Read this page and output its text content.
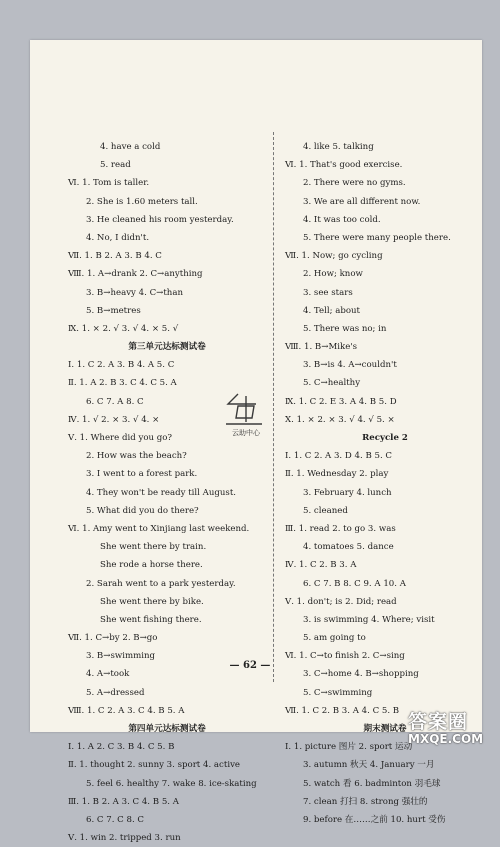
4. have a cold
5. read
Ⅵ. 1. Tom is taller.
2. She is 1.60 meters tall.
3. He cleaned his room yesterday.
4. No, I didn't.
Ⅶ. 1. B 2. A 3. B 4. C
Ⅷ. 1. A→drank 2. C→anything
3. B→heavy 4. C→than
5. B→metres
Ⅸ. 1. × 2. √ 3. √ 4. × 5. √
第三单元达标测试卷
Ⅰ. 1. C 2. A 3. B 4. A 5. C
Ⅱ. 1. A 2. B 3. C 4. C 5. A
6. C 7. A 8. C
Ⅳ. 1. √ 2. × 3. √ 4. ×
Ⅴ. 1. Where did you go?
2. How was the beach?
3. I went to a forest park.
4. They won't be ready till August.
5. What did you do there?
Ⅵ. 1. Amy went to Xinjiang last weekend.
She went there by train.
She rode a horse there.
2. Sarah went to a park yesterday.
She went there by bike.
She went fishing there.
Ⅶ. 1. C→by 2. B→go
3. B→swimming
4. A→took
5. A→dressed
Ⅷ. 1. C 2. A 3. C 4. B 5. A
第四单元达标测试卷
Ⅰ. 1. A 2. C 3. B 4. C 5. B
Ⅱ. 1. thought 2. sunny 3. sport 4. active
5. feel 6. healthy 7. wake 8. ice-skating
Ⅲ. 1. B 2. A 3. C 4. B 5. A
6. C 7. C 8. C
Ⅴ. 1. win 2. tripped 3. run
4. like 5. talking
Ⅵ. 1. That's good exercise.
2. There were no gyms.
3. We are all different now.
4. It was too cold.
5. There were many people there.
Ⅶ. 1. Now; go cycling
2. How; know
3. see stars
4. Tell; about
5. There was no; in
Ⅷ. 1. B→Mike's
3. B→is 4. A→couldn't
5. C→healthy
Ⅸ. 1. C 2. E 3. A 4. B 5. D
Ⅹ. 1. × 2. × 3. √ 4. √ 5. ×
Recycle 2
Ⅰ. 1. C 2. A 3. D 4. B 5. C
Ⅱ. 1. Wednesday 2. play
3. February 4. lunch
5. cleaned
Ⅲ. 1. read 2. to go 3. was
4. tomatoes 5. dance
Ⅳ. 1. C 2. B 3. A
6. C 7. B 8. C 9. A 10. A
Ⅴ. 1. don't; is 2. Did; read
3. is swimming 4. Where; visit
5. am going to
Ⅵ. 1. C→to finish 2. C→sing
3. C→home 4. B→shopping
5. C→swimming
Ⅶ. 1. C 2. B 3. A 4. C 5. B
期末测试卷
Ⅰ. 1. picture 图片 2. sport 运动
3. autumn 秋天 4. January 一月
5. watch 看 6. badminton 羽毛球
7. clean 打扫 8. strong 强壮的
9. before 在……之前 10. hurt 受伤
云助中心
— 62 —
答案圈
MXQE.COM
